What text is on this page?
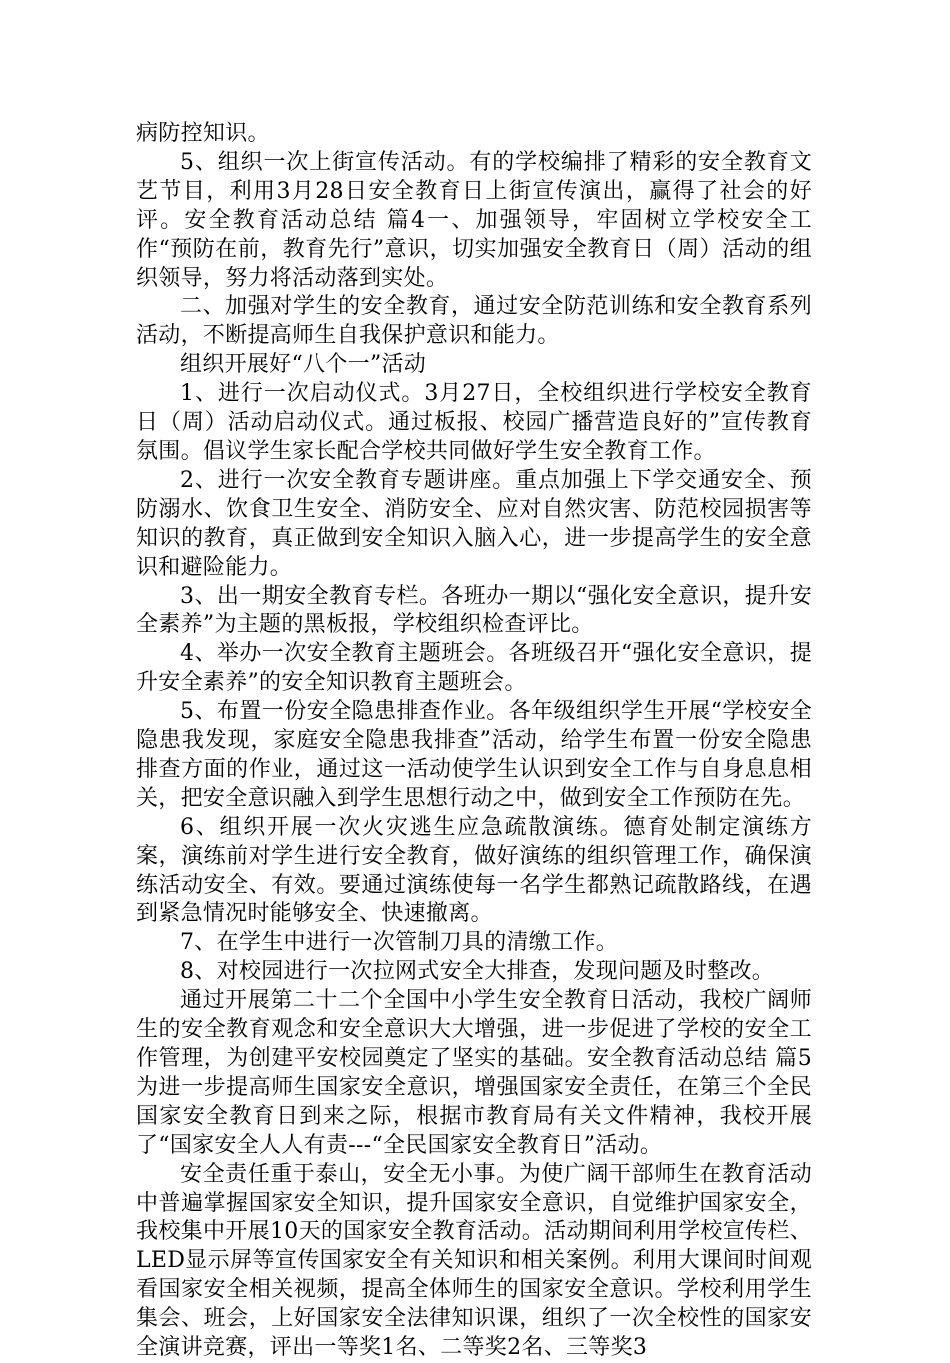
病防控知识。

5、组织一次上街宣传活动。有的学校编排了精彩的安全教育文艺节目，利用3月28日安全教育日上街宣传演出，赢得了社会的好评。安全教育活动总结 篇4一、加强领导，牢固树立学校安全工作“预防在前，教育先行”意识，切实加强安全教育日（周）活动的组织领导，努力将活动落到实处。

二、加强对学生的安全教育，通过安全防范训练和安全教育系列活动，不断提高师生自我保护意识和能力。

组织开展好“八个一”活动

1、进行一次启动仪式。3月27日，全校组织进行学校安全教育日（周）活动启动仪式。通过板报、校园广播营造良好的”宣传教育氛围。倡议学生家长配合学校共同做好学生安全教育工作。

2、进行一次安全教育专题讲座。重点加强上下学交通安全、预防溺水、饮食卫生安全、消防安全、应对自然灾害、防范校园损害等知识的教育，真正做到安全知识入脑入心，进一步提高学生的安全意识和避险能力。

3、出一期安全教育专栏。各班办一期以“强化安全意识，提升安全素养”为主题的黑板报，学校组织检查评比。

4、举办一次安全教育主题班会。各班级召开“强化安全意识，提升安全素养”的安全知识教育主题班会。

5、布置一份安全隐患排查作业。各年级组织学生开展“学校安全隐患我发现，家庭安全隐患我排查”活动，给学生布置一份安全隐患排查方面的作业，通过这一活动使学生认识到安全工作与自身息息相关，把安全意识融入到学生思想行动之中，做到安全工作预防在先。

6、组织开展一次火灾逃生应急疏散演练。德育处制定演练方案，演练前对学生进行安全教育，做好演练的组织管理工作，确保演练活动安全、有效。要通过演练使每一名学生都熟记疏散路线，在遇到紧急情况时能够安全、快速撤离。

7、在学生中进行一次管制刀具的清缴工作。

8、对校园进行一次拉网式安全大排查，发现问题及时整改。

通过开展第二十二个全国中小学生安全教育日活动，我校广阔师生的安全教育观念和安全意识大大增强，进一步促进了学校的安全工作管理，为创建平安校园奠定了坚实的基础。安全教育活动总结 篇5为进一步提高师生国家安全意识，增强国家安全责任，在第三个全民国家安全教育日到来之际，根据市教育局有关文件精神，我校开展了“国家安全人人有责---“全民国家安全教育日”活动。

安全责任重于泰山，安全无小事。为使广阔干部师生在教育活动中普遍掌握国家安全知识，提升国家安全意识，自觉维护国家安全，我校集中开展10天的国家安全教育活动。活动期间利用学校宣传栏、LED显示屏等宣传国家安全有关知识和相关案例。利用大课间时间观看国家安全相关视频，提高全体师生的国家安全意识。学校利用学生集会、班会，上好国家安全法律知识课，组织了一次全校性的国家安全演讲竞赛，评出一等奖1名、二等奖2名、三等奖3
